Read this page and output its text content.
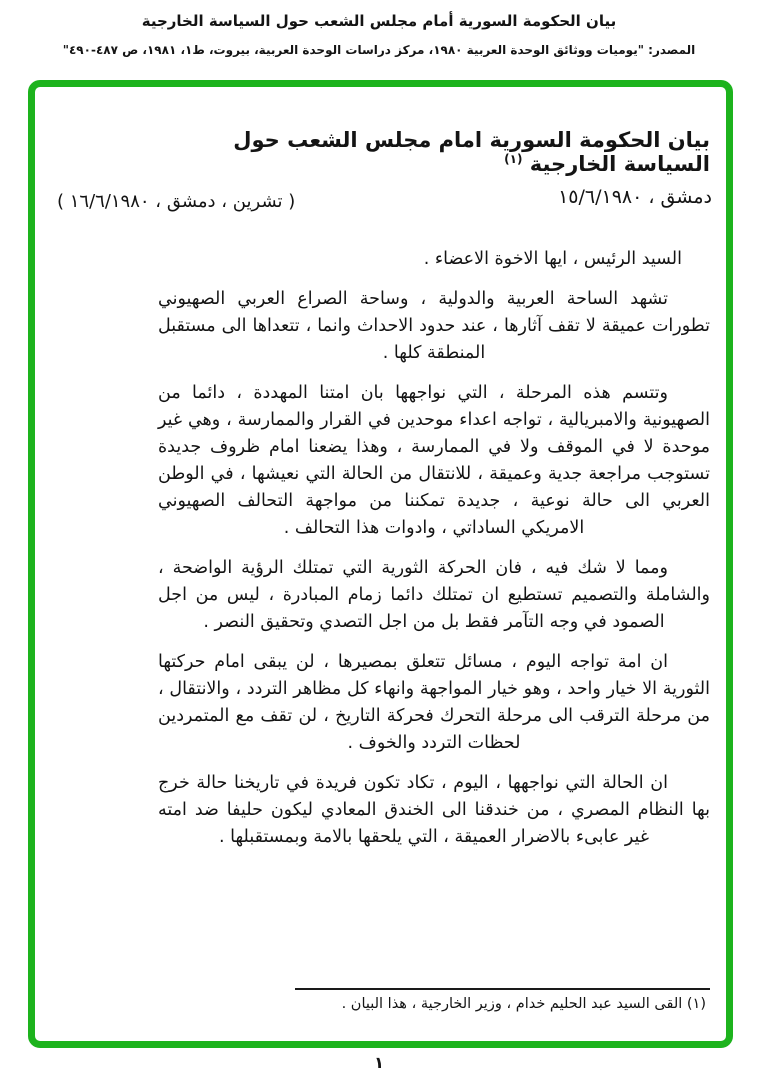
بيان الحكومة السورية أمام مجلس الشعب حول السياسة الخارجية
المصدر: "يوميات ووثائق الوحدة العربية ١٩٨٠، مركز دراسات الوحدة العربية، بيروت، ط١، ١٩٨١، ص ٤٨٧-٤٩٠"
بيان الحكومة السورية امام مجلس الشعب حول السياسة الخارجية $^{(١)}$
دمشق ، ١٥/٦/١٩٨٠
( تشرين ، دمشق ، ١٦/٦/١٩٨٠ )

السيد الرئيس ، ايها الاخوة الاعضاء .

تشهد الساحة العربية والدولية ، وساحة الصراع العربي الصهيوني تطورات عميقة لا تقف آثارها ، عند حدود الاحداث وانما ، تتعداها الى مستقبل المنطقة كلها .

وتتسم هذه المرحلة ، التي نواجهها بان امتنا المهددة ، دائما من الصهيونية والامبريالية ، تواجه اعداء موحدين في القرار والممارسة ، وهي غير موحدة لا في الموقف ولا في الممارسة ، وهذا يضعنا امام ظروف جديدة تستوجب مراجعة جدية وعميقة ، للانتقال من الحالة التي نعيشها ، في الوطن العربي الى حالة نوعية ، جديدة تمكننا من مواجهة التحالف الصهيوني الامريكي الساداتي ، وادوات هذا التحالف .

ومما لا شك فيه ، فان الحركة الثورية التي تمتلك الرؤية الواضحة ، والشاملة والتصميم تستطيع ان تمتلك دائما زمام المبادرة ، ليس من اجل الصمود في وجه التآمر فقط بل من اجل التصدي وتحقيق النصر .

ان امة تواجه اليوم ، مسائل تتعلق بمصيرها ، لن يبقى امام حركتها الثورية الا خيار واحد ، وهو خيار المواجهة وانهاء كل مظاهر التردد ، والانتقال ، من مرحلة الترقب الى مرحلة التحرك فحركة التاريخ ، لن تقف مع المتمردين لحظات التردد والخوف .

ان الحالة التي نواجهها ، اليوم ، تكاد تكون فريدة في تاريخنا حالة خرج بها النظام المصري ، من خندقنا الى الخندق المعادي ليكون حليفا ضد امته غير عابىء بالاضرار العميقة ، التي يلحقها بالامة وبمستقبلها .

(١) القى السيد عبد الحليم خدام ، وزير الخارجية ، هذا البيان .
١
